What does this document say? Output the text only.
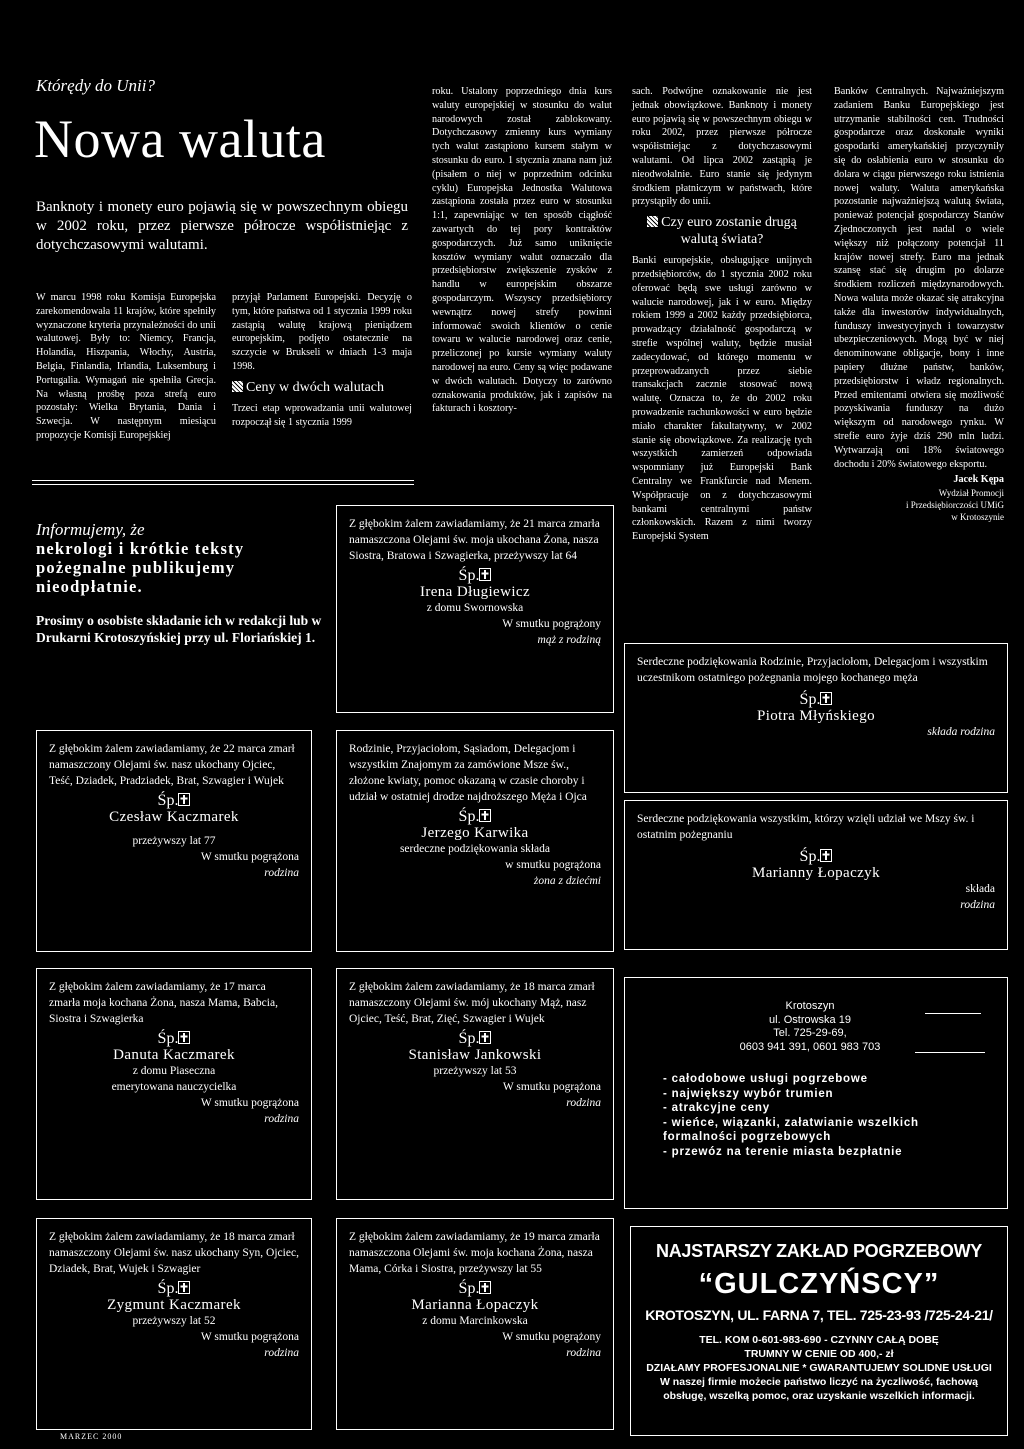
Którędy do Unii?
Nowa waluta
Banknoty i monety euro pojawią się w powszechnym obiegu w 2002 roku, przez pierwsze półrocze współistniejąc z dotychczasowymi walutami.

W marcu 1998 roku Komisja Europejska zarekomendowała 11 krajów, które spełniły wyznaczone kryteria przynależności do unii walutowej. Były to: Niemcy, Francja, Holandia, Hiszpania, Włochy, Austria, Belgia, Finlandia, Irlandia, Luksemburg i Portugalia. Wymagań nie spełniła Grecja. Na własną prośbę poza strefą euro pozostały: Wielka Brytania, Dania i Szwecja. W następnym miesiącu propozycje Komisji Europejskiej

przyjął Parlament Europejski. Decyzję o tym, które państwa od 1 stycznia 1999 roku zastąpią walutę krajową pieniądzem europejskim, podjęto ostatecznie na szczycie w Brukseli w dniach 1-3 maja 1998.

Ceny w dwóch walutach

Trzeci etap wprowadzania unii walutowej rozpoczął się 1 stycznia 1999

roku. Ustalony poprzedniego dnia kurs waluty europejskiej w stosunku do walut narodowych został zablokowany. Dotychczasowy zmienny kurs wymiany tych walut zastąpiono kursem stałym w stosunku do euro. 1 stycznia znana nam już (pisałem o niej w poprzednim odcinku cyklu) Europejska Jednostka Walutowa zastąpiona została przez euro w stosunku 1:1, zapewniając w ten sposób ciągłość zawartych do tej pory kontraktów gospodarczych. Już samo uniknięcie kosztów wymiany walut oznaczało dla przedsiębiorstw zwiększenie zysków z handlu w europejskim obszarze gospodarczym. Wszyscy przedsiębiorcy wewnątrz nowej strefy powinni informować swoich klientów o cenie towaru w walucie narodowej oraz cenie, przeliczonej po kursie wymiany waluty narodowej na euro. Ceny są więc podawane w dwóch walutach. Dotyczy to zarówno oznakowania produktów, jak i zapisów na fakturach i kosztory-

sach. Podwójne oznakowanie nie jest jednak obowiązkowe. Banknoty i monety euro pojawią się w powszechnym obiegu w roku 2002, przez pierwsze półrocze współistniejąc z dotychczasowymi walutami. Od lipca 2002 zastąpią je nieodwołalnie. Euro stanie się jedynym środkiem płatniczym w państwach, które przystąpiły do unii.

Czy euro zostanie drugą walutą świata?

Banki europejskie, obsługujące unijnych przedsiębiorców, do 1 stycznia 2002 roku oferować będą swe usługi zarówno w walucie narodowej, jak i w euro. Między rokiem 1999 a 2002 każdy przedsiębiorca, prowadzący działalność gospodarczą w strefie wspólnej waluty, będzie musiał zadecydować, od którego momentu w przeprowadzanych przez siebie transakcjach zacznie stosować nową walutę. Oznacza to, że do 2002 roku prowadzenie rachunkowości w euro będzie miało charakter fakultatywny, w 2002 stanie się obowiązkowe. Za realizację tych wszystkich zamierzeń odpowiada wspomniany już Europejski Bank Centralny we Frankfurcie nad Menem. Współpracuje on z dotychczasowymi bankami centralnymi państw członkowskich. Razem z nimi tworzy Europejski System

Banków Centralnych. Najważniejszym zadaniem Banku Europejskiego jest utrzymanie stabilności cen. Trudności gospodarcze oraz doskonałe wyniki gospodarki amerykańskiej przyczyniły się do osłabienia euro w stosunku do dolara w ciągu pierwszego roku istnienia nowej waluty. Waluta amerykańska pozostanie najważniejszą walutą świata, ponieważ potencjał gospodarczy Stanów Zjednoczonych jest nadal o wiele większy niż połączony potencjał 11 krajów nowej strefy. Euro ma jednak szansę stać się drugim po dolarze środkiem rozliczeń międzynarodowych. Nowa waluta może okazać się atrakcyjna także dla inwestorów indywidualnych, funduszy inwestycyjnych i towarzystw ubezpieczeniowych. Mogą być w niej denominowane obligacje, bony i inne papiery dłużne państw, banków, przedsiębiorstw i władz regionalnych. Przed emitentami otwiera się możliwość pozyskiwania funduszy na dużo większym od narodowego rynku. W strefie euro żyje dziś 290 mln ludzi. Wytwarzają oni 18% światowego dochodu i 20% światowego eksportu.

Jacek Kępa

Wydział Promocji

i Przedsiębiorczości UMiG

w Krotoszynie

Informujemy, że
nekrologi i krótkie teksty pożegnalne publikujemy nieodpłatnie.
Prosimy o osobiste składanie ich w redakcji lub w Drukarni Krotoszyńskiej przy ul. Floriańskiej 1.

Z głębokim żalem zawiadamiamy, że 22 marca zmarł namaszczony Olejami św. nasz ukochany Ojciec, Teść, Dziadek, Pradziadek, Brat, Szwagier i Wujek

Śp.

Czesław Kaczmarek

przeżywszy lat 77

W smutku pogrążona

rodzina

Z głębokim żalem zawiadamiamy, że 21 marca zmarła namaszczona Olejami św. moja ukochana Żona, nasza Siostra, Bratowa i Szwagierka, przeżywszy lat 64

Śp.

Irena Długiewicz

z domu Swornowska

W smutku pogrążony

mąż z rodziną

Rodzinie, Przyjaciołom, Sąsiadom, Delegacjom i wszystkim Znajomym za zamówione Msze św., złożone kwiaty, pomoc okazaną w czasie choroby i udział w ostatniej drodze najdroższego Męża i Ojca

Śp.

Jerzego Karwika

serdeczne podziękowania składa

w smutku pogrążona

żona z dziećmi

Serdeczne podziękowania Rodzinie, Przyjaciołom, Delegacjom i wszystkim uczestnikom ostatniego pożegnania mojego kochanego męża

Śp.

Piotra Młyńskiego

składa rodzina

Serdeczne podziękowania wszystkim, którzy wzięli udział we Mszy św. i ostatnim pożegnaniu

Śp.

Marianny Łopaczyk

składa

rodzina

Z głębokim żalem zawiadamiamy, że 17 marca zmarła moja kochana Żona, nasza Mama, Babcia, Siostra i Szwagierka

Śp.

Danuta Kaczmarek

z domu Piaseczna

emerytowana nauczycielka

W smutku pogrążona

rodzina

Z głębokim żalem zawiadamiamy, że 18 marca zmarł namaszczony Olejami św. mój ukochany Mąż, nasz Ojciec, Teść, Brat, Zięć, Szwagier i Wujek

Śp.

Stanisław Jankowski

przeżywszy lat 53

W smutku pogrążona

rodzina

Krotoszyn
ul. Ostrowska 19
Tel. 725-29-69,
0603 941 391, 0601 983 703
- całodobowe usługi pogrzebowe
- największy wybór trumien
- atrakcyjne ceny
- wieńce, wiązanki, załatwianie wszelkich
formalności pogrzebowych
- przewóz na terenie miasta bezpłatnie

Z głębokim żalem zawiadamiamy, że 18 marca zmarł namaszczony Olejami św. nasz ukochany Syn, Ojciec, Dziadek, Brat, Wujek i Szwagier

Śp.

Zygmunt Kaczmarek

przeżywszy lat 52

W smutku pogrążona

rodzina

Z głębokim żalem zawiadamiamy, że 19 marca zmarła namaszczona Olejami św. moja kochana Żona, nasza Mama, Córka i Siostra, przeżywszy lat 55

Śp.

Marianna Łopaczyk

z domu Marcinkowska

W smutku pogrążony

rodzina

NAJSTARSZY ZAKŁAD POGRZEBOWY
“GULCZYŃSCY”
KROTOSZYN, UL. FARNA 7, TEL. 725-23-93 /725-24-21/
TEL. KOM 0-601-983-690 - CZYNNY CAŁĄ DOBĘ
TRUMNY W CENIE OD 400,- zł
DZIAŁAMY PROFESJONALNIE * GWARANTUJEMY SOLIDNE USŁUGI
W naszej firmie możecie państwo liczyć na życzliwość, fachową
obsługę, wszelką pomoc, oraz uzyskanie wszelkich informacji.
MARZEC 2000
